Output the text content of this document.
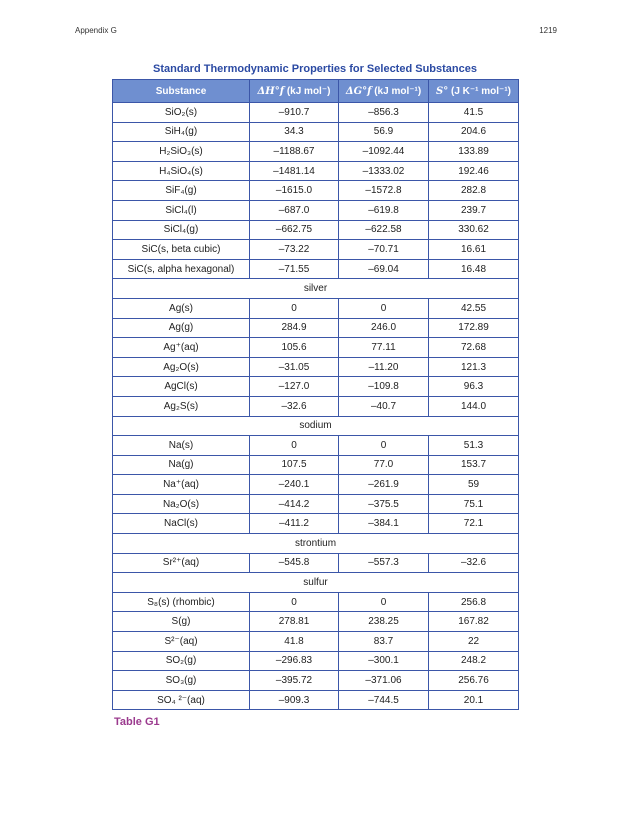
Appendix G	1219
Standard Thermodynamic Properties for Selected Substances
Substance	ΔH°f (kJ mol⁻)	ΔG°f (kJ mol⁻¹)	S° (J K⁻¹ mol⁻¹)
SiO₂(s)	–910.7	–856.3	41.5
SiH₄(g)	34.3	56.9	204.6
H₂SiO₃(s)	–1188.67	–1092.44	133.89
H₄SiO₄(s)	–1481.14	–1333.02	192.46
SiF₄(g)	–1615.0	–1572.8	282.8
SiCl₄(l)	–687.0	–619.8	239.7
SiCl₄(g)	–662.75	–622.58	330.62
SiC(s, beta cubic)	–73.22	–70.71	16.61
SiC(s, alpha hexagonal)	–71.55	–69.04	16.48
silver			
Ag(s)	0	0	42.55
Ag(g)	284.9	246.0	172.89
Ag⁺(aq)	105.6	77.11	72.68
Ag₂O(s)	–31.05	–11.20	121.3
AgCl(s)	–127.0	–109.8	96.3
Ag₂S(s)	–32.6	–40.7	144.0
sodium			
Na(s)	0	0	51.3
Na(g)	107.5	77.0	153.7
Na⁺(aq)	–240.1	–261.9	59
Na₂O(s)	–414.2	–375.5	75.1
NaCl(s)	–411.2	–384.1	72.1
strontium			
Sr²⁺(aq)	–545.8	–557.3	–32.6
sulfur			
S₈(s) (rhombic)	0	0	256.8
S(g)	278.81	238.25	167.82
S²⁻(aq)	41.8	83.7	22
SO₂(g)	–296.83	–300.1	248.2
SO₃(g)	–395.72	–371.06	256.76
SO₄ ²⁻(aq)	–909.3	–744.5	20.1
Table G1
